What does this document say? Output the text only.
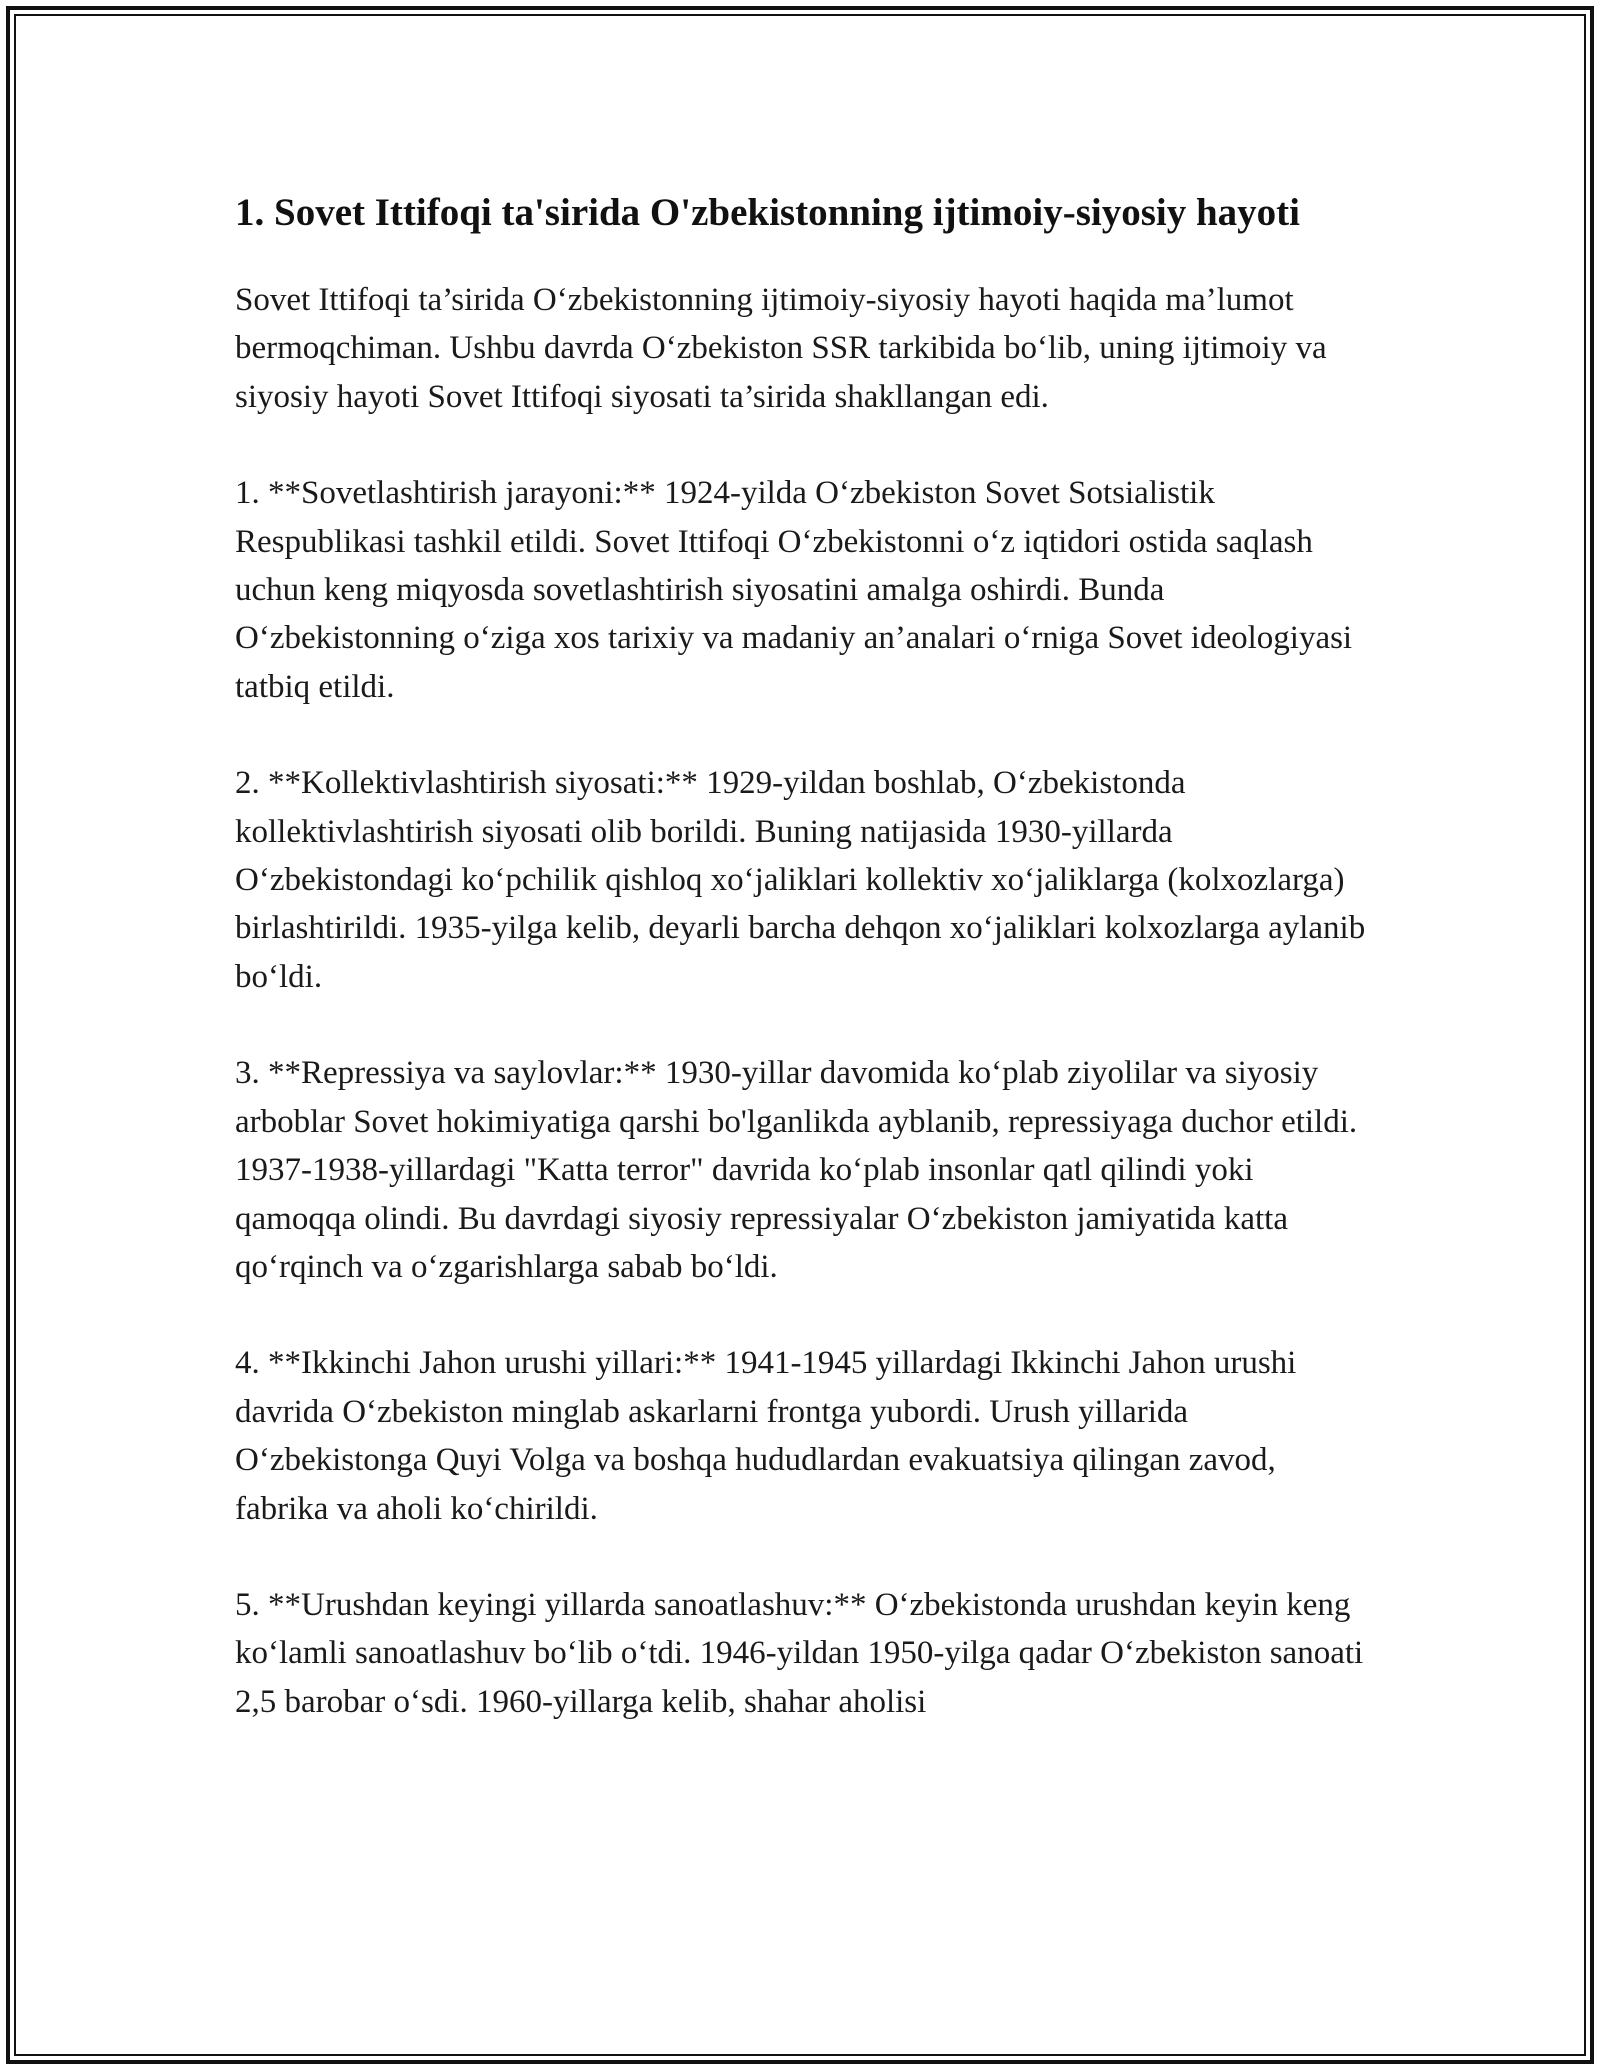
1. Sovet Ittifoqi ta'sirida O'zbekistonning ijtimoiy-siyosiy hayoti

Sovet Ittifoqi ta’sirida O‘zbekistonning ijtimoiy-siyosiy hayoti haqida ma’lumot bermoqchiman. Ushbu davrda O‘zbekiston SSR tarkibida bo‘lib, uning ijtimoiy va siyosiy hayoti Sovet Ittifoqi siyosati ta’sirida shakllangan edi.

1. **Sovetlashtirish jarayoni:** 1924-yilda O‘zbekiston Sovet Sotsialistik Respublikasi tashkil etildi. Sovet Ittifoqi O‘zbekistonni o‘z iqtidori ostida saqlash uchun keng miqyosda sovetlashtirish siyosatini amalga oshirdi. Bunda O‘zbekistonning o‘ziga xos tarixiy va madaniy an’analari o‘rniga Sovet ideologiyasi tatbiq etildi.

2. **Kollektivlashtirish siyosati:** 1929-yildan boshlab, O‘zbekistonda kollektivlashtirish siyosati olib borildi. Buning natijasida 1930-yillarda O‘zbekistondagi ko‘pchilik qishloq xo‘jaliklari kollektiv xo‘jaliklarga (kolxozlarga) birlashtirildi. 1935-yilga kelib, deyarli barcha dehqon xo‘jaliklari kolxozlarga aylanib bo‘ldi.

3. **Repressiya va saylovlar:** 1930-yillar davomida ko‘plab ziyolilar va siyosiy arboblar Sovet hokimiyatiga qarshi bo'lganlikda ayblanib, repressiyaga duchor etildi. 1937-1938-yillardagi "Katta terror" davrida ko‘plab insonlar qatl qilindi yoki qamoqqa olindi. Bu davrdagi siyosiy repressiyalar O‘zbekiston jamiyatida katta qo‘rqinch va o‘zgarishlarga sabab bo‘ldi.

4. **Ikkinchi Jahon urushi yillari:** 1941-1945 yillardagi Ikkinchi Jahon urushi davrida O‘zbekiston minglab askarlarni frontga yubordi. Urush yillarida O‘zbekistonga Quyi Volga va boshqa hududlardan evakuatsiya qilingan zavod, fabrika va aholi ko‘chirildi.

5. **Urushdan keyingi yillarda sanoatlashuv:** O‘zbekistonda urushdan keyin keng ko‘lamli sanoatlashuv bo‘lib o‘tdi. 1946-yildan 1950-yilga qadar O‘zbekiston sanoati 2,5 barobar o‘sdi. 1960-yillarga kelib, shahar aholisi
